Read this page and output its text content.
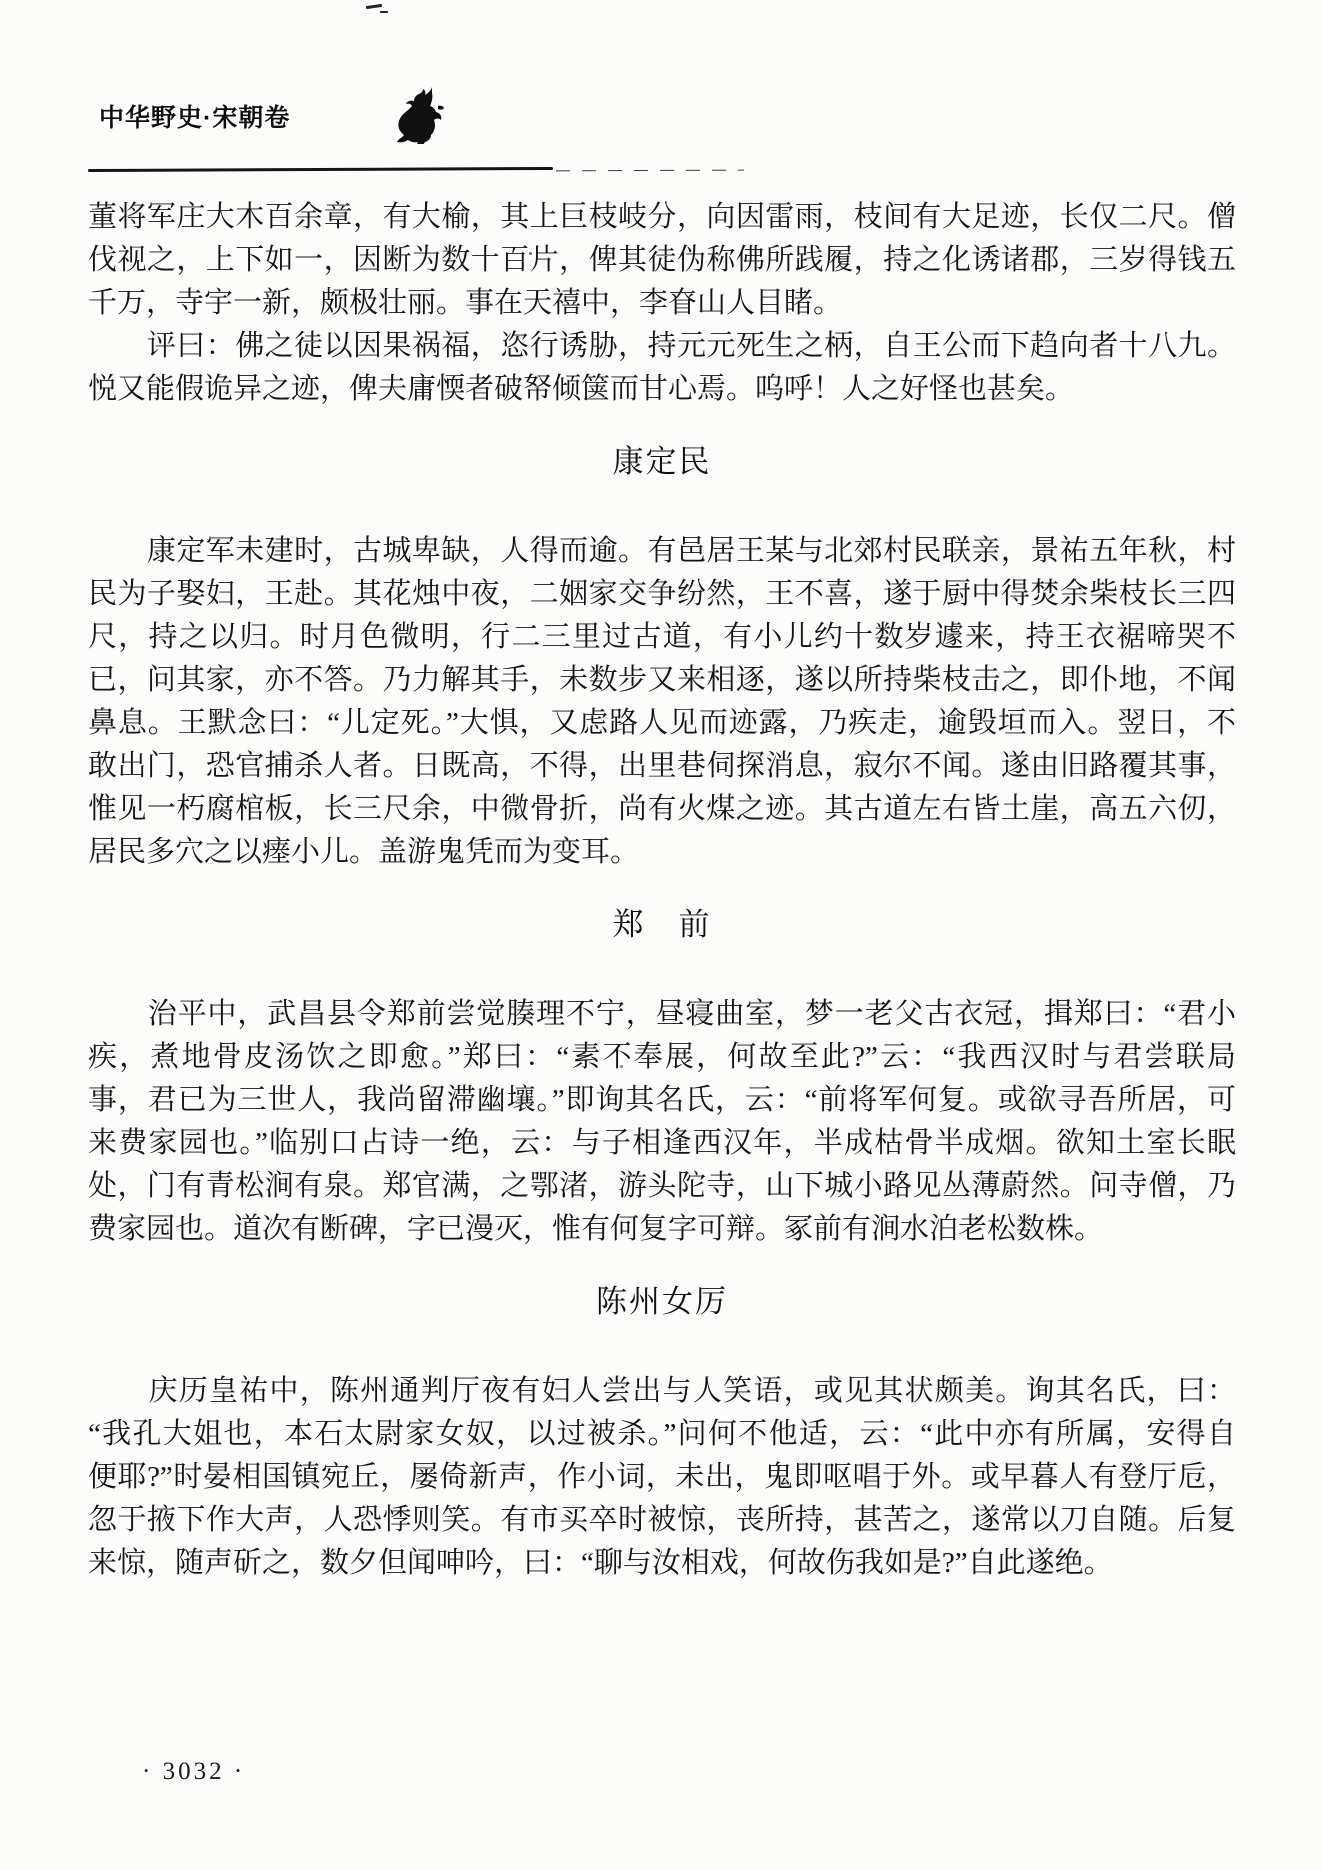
中华野史·宋朝卷
董将军庄大木百余章，有大榆，其上巨枝岐分，向因雷雨，枝间有大足迹，长仅二尺。僧
伐视之，上下如一，因断为数十百片，俾其徒伪称佛所践履，持之化诱诸郡，三岁得钱五
千万，寺宇一新，颇极壮丽。事在天禧中，李眘山人目睹。
　　评曰：佛之徒以因果祸福，恣行诱胁，持元元死生之柄，自王公而下趋向者十八九。
悦又能假诡异之迹，俾夫庸愞者破帑倾箧而甘心焉。呜呼！人之好怪也甚矣。
康定民
　　康定军未建时，古城卑缺，人得而逾。有邑居王某与北郊村民联亲，景祐五年秋，村
民为子娶妇，王赴。其花烛中夜，二姻家交争纷然，王不喜，遂于厨中得焚余柴枝长三四
尺，持之以归。时月色微明，行二三里过古道，有小儿约十数岁遽来，持王衣裾啼哭不
已，问其家，亦不答。乃力解其手，未数步又来相逐，遂以所持柴枝击之，即仆地，不闻
鼻息。王默念曰：“儿定死。”大惧，又虑路人见而迹露，乃疾走，逾毁垣而入。翌日，不
敢出门，恐官捕杀人者。日既高，不得，出里巷伺探消息，寂尔不闻。遂由旧路覆其事，
惟见一朽腐棺板，长三尺余，中微骨折，尚有火煤之迹。其古道左右皆土崖，高五六仞，
居民多穴之以瘗小儿。盖游鬼凭而为变耳。
郑　前
　　治平中，武昌县令郑前尝觉腠理不宁，昼寝曲室，梦一老父古衣冠，揖郑曰：“君小
疾，煮地骨皮汤饮之即愈。”郑曰：“素不奉展，何故至此?”云：“我西汉时与君尝联局
事，君已为三世人，我尚留滞幽壤。”即询其名氏，云：“前将军何复。或欲寻吾所居，可
来费家园也。”临别口占诗一绝，云：与子相逢西汉年，半成枯骨半成烟。欲知土室长眠
处，门有青松涧有泉。郑官满，之鄂渚，游头陀寺，山下城小路见丛薄蔚然。问寺僧，乃
费家园也。道次有断碑，字已漫灭，惟有何复字可辩。冢前有涧水泊老松数株。
陈州女厉
　　庆历皇祐中，陈州通判厅夜有妇人尝出与人笑语，或见其状颇美。询其名氏，曰：
“我孔大姐也，本石太尉家女奴，以过被杀。”问何不他适，云：“此中亦有所属，安得自
便耶?”时晏相国镇宛丘，屡倚新声，作小词，未出，鬼即呕唱于外。或早暮人有登厅卮，
忽于掖下作大声，人恐悸则笑。有市买卒时被惊，丧所持，甚苦之，遂常以刀自随。后复
来惊，随声斫之，数夕但闻呻吟，曰：“聊与汝相戏，何故伤我如是?”自此遂绝。
· 3032 ·
